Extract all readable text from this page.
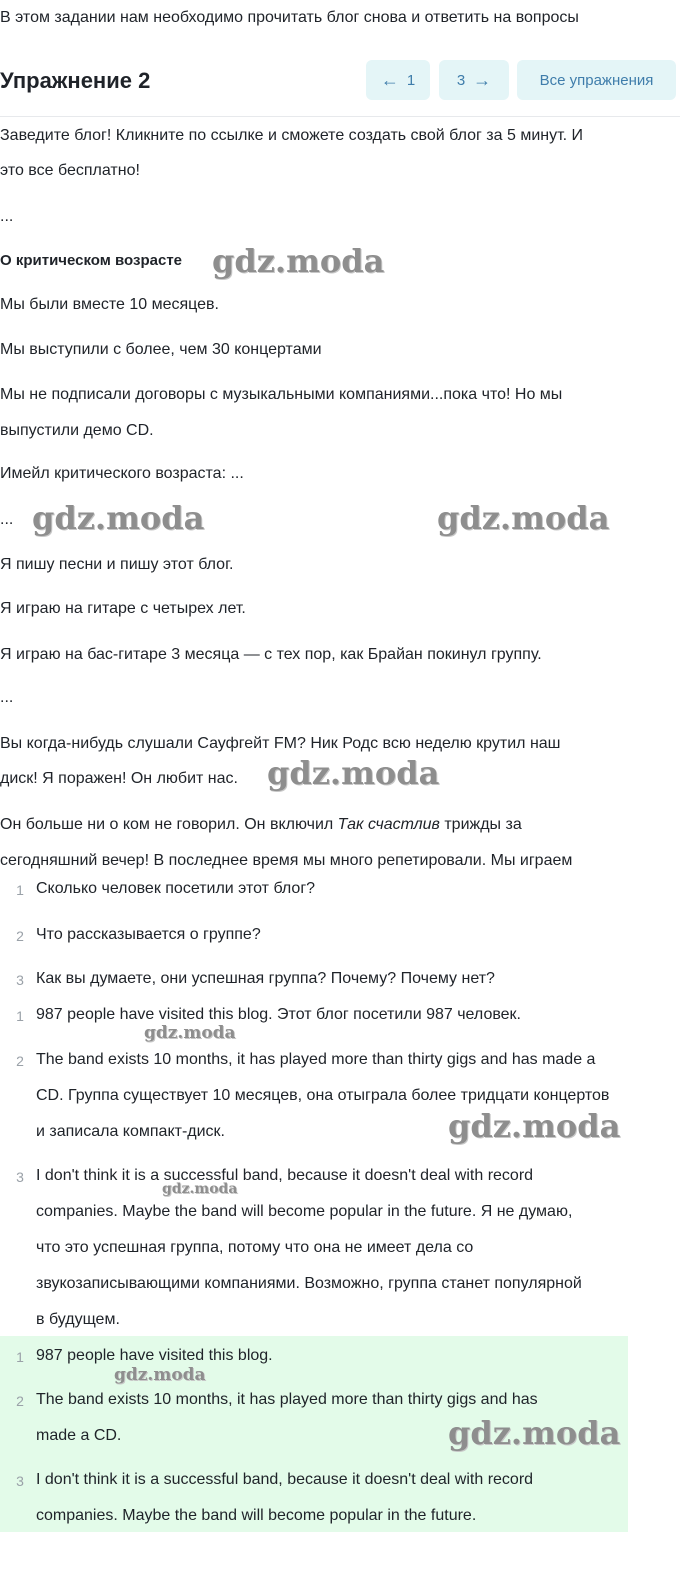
В этом задании нам необходимо прочитать блог снова и ответить на вопросы
Упражнение 2	← 1	3 →	Все упражнения
Заведите блог! Кликните по ссылке и сможете создать свой блог за 5 минут. И
это все бесплатно!
...
О критическом возрасте
Мы были вместе 10 месяцев.
Мы выступили с более, чем 30 концертами
Мы не подписали договоры с музыкальными компаниями...пока что! Но мы
выпустили демо CD.
Имейл критического возраста: ...
...
Я пишу песни и пишу этот блог.
Я играю на гитаре с четырех лет.
Я играю на бас-гитаре 3 месяца — с тех пор, как Брайан покинул группу.
...
Вы когда-нибудь слушали Сауфгейт FM? Ник Родс всю неделю крутил наш
диск! Я поражен! Он любит нас.
Он больше ни о ком не говорил. Он включил Так счастлив трижды за
сегодняшний вечер! В последнее время мы много репетировали. Мы играем
1 Сколько человек посетили этот блог?
2 Что рассказывается о группе?
3 Как вы думаете, они успешная группа? Почему? Почему нет?
1 987 people have visited this blog. Этот блог посетили 987 человек.
2 The band exists 10 months, it has played more than thirty gigs and has made a
CD. Группа существует 10 месяцев, она отыграла более тридцати концертов
и записала компакт-диск.
3 I don't think it is a successful band, because it doesn't deal with record
companies. Maybe the band will become popular in the future. Я не думаю,
что это успешная группа, потому что она не имеет дела со
звукозаписывающими компаниями. Возможно, группа станет популярной
в будущем.
1 987 people have visited this blog.
2 The band exists 10 months, it has played more than thirty gigs and has
made a CD.
3 I don't think it is a successful band, because it doesn't deal with record
companies. Maybe the band will become popular in the future.
gdz.moda
gdz.moda	gdz.moda
gdz.moda
gdz.moda
gdz.moda
gdz.moda
gdz.moda
gdz.moda
